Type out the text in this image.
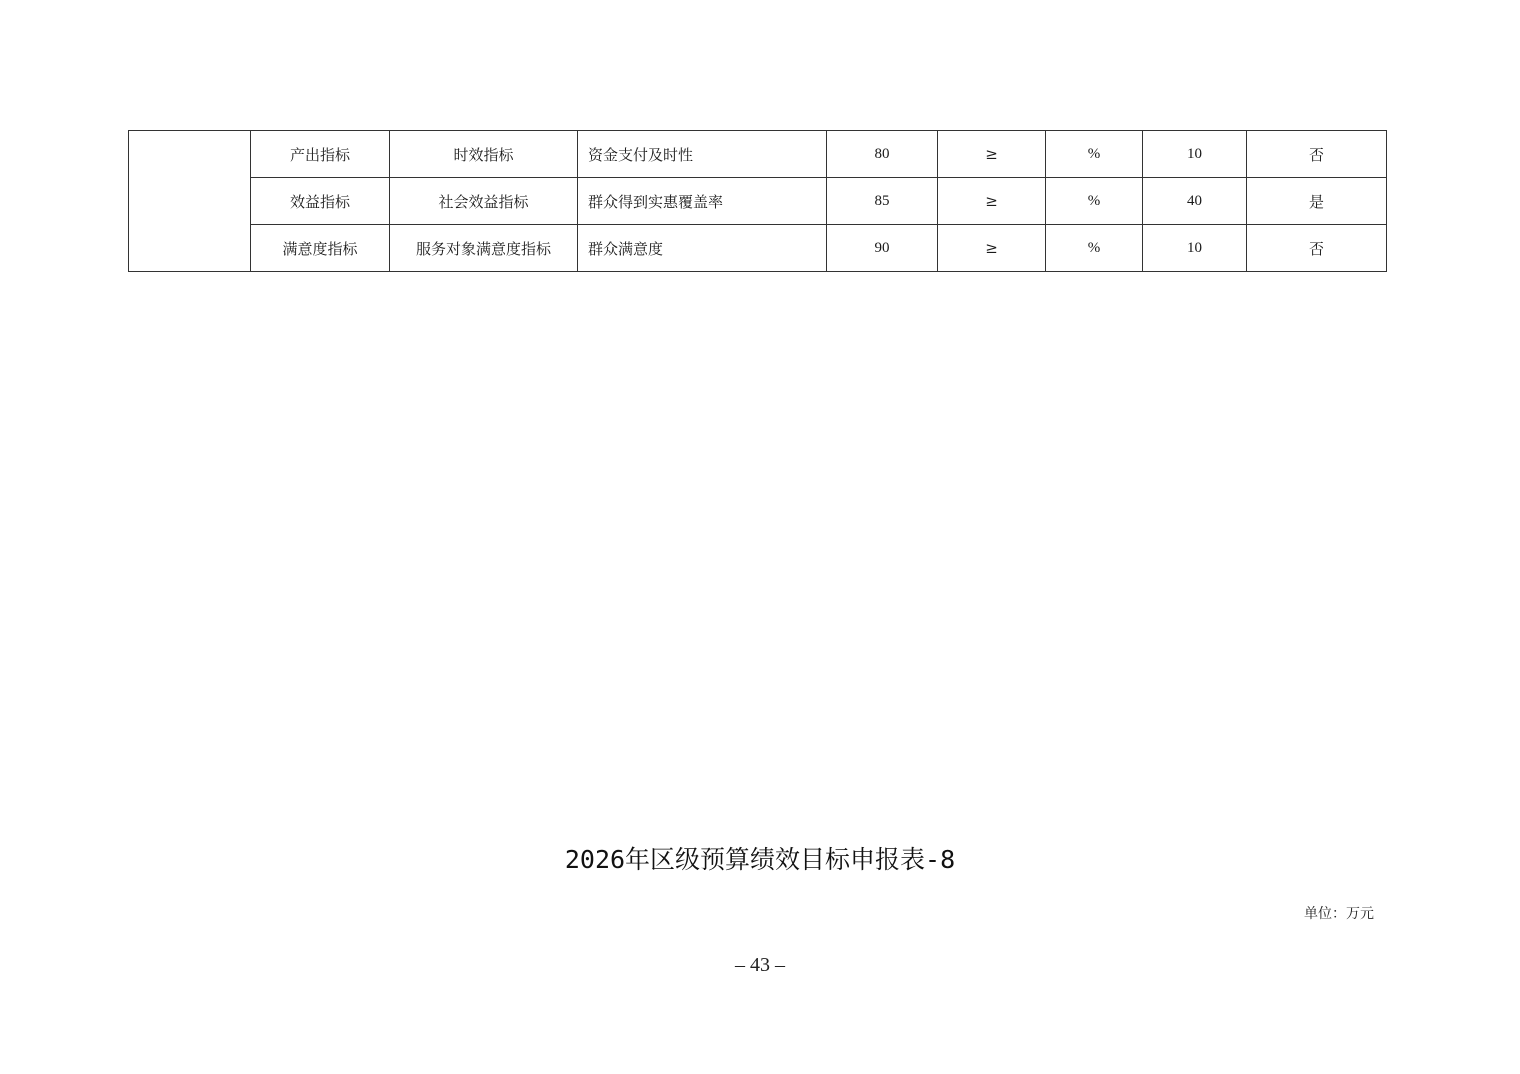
	产出指标	时效指标	资金支付及时性	80	≥	%	10	否
	效益指标	社会效益指标	群众得到实惠覆盖率	85	≥	%	40	是
	满意度指标	服务对象满意度指标	群众满意度	90	≥	%	10	否
2026年区级预算绩效目标申报表-8
单位：万元
– 43 –
